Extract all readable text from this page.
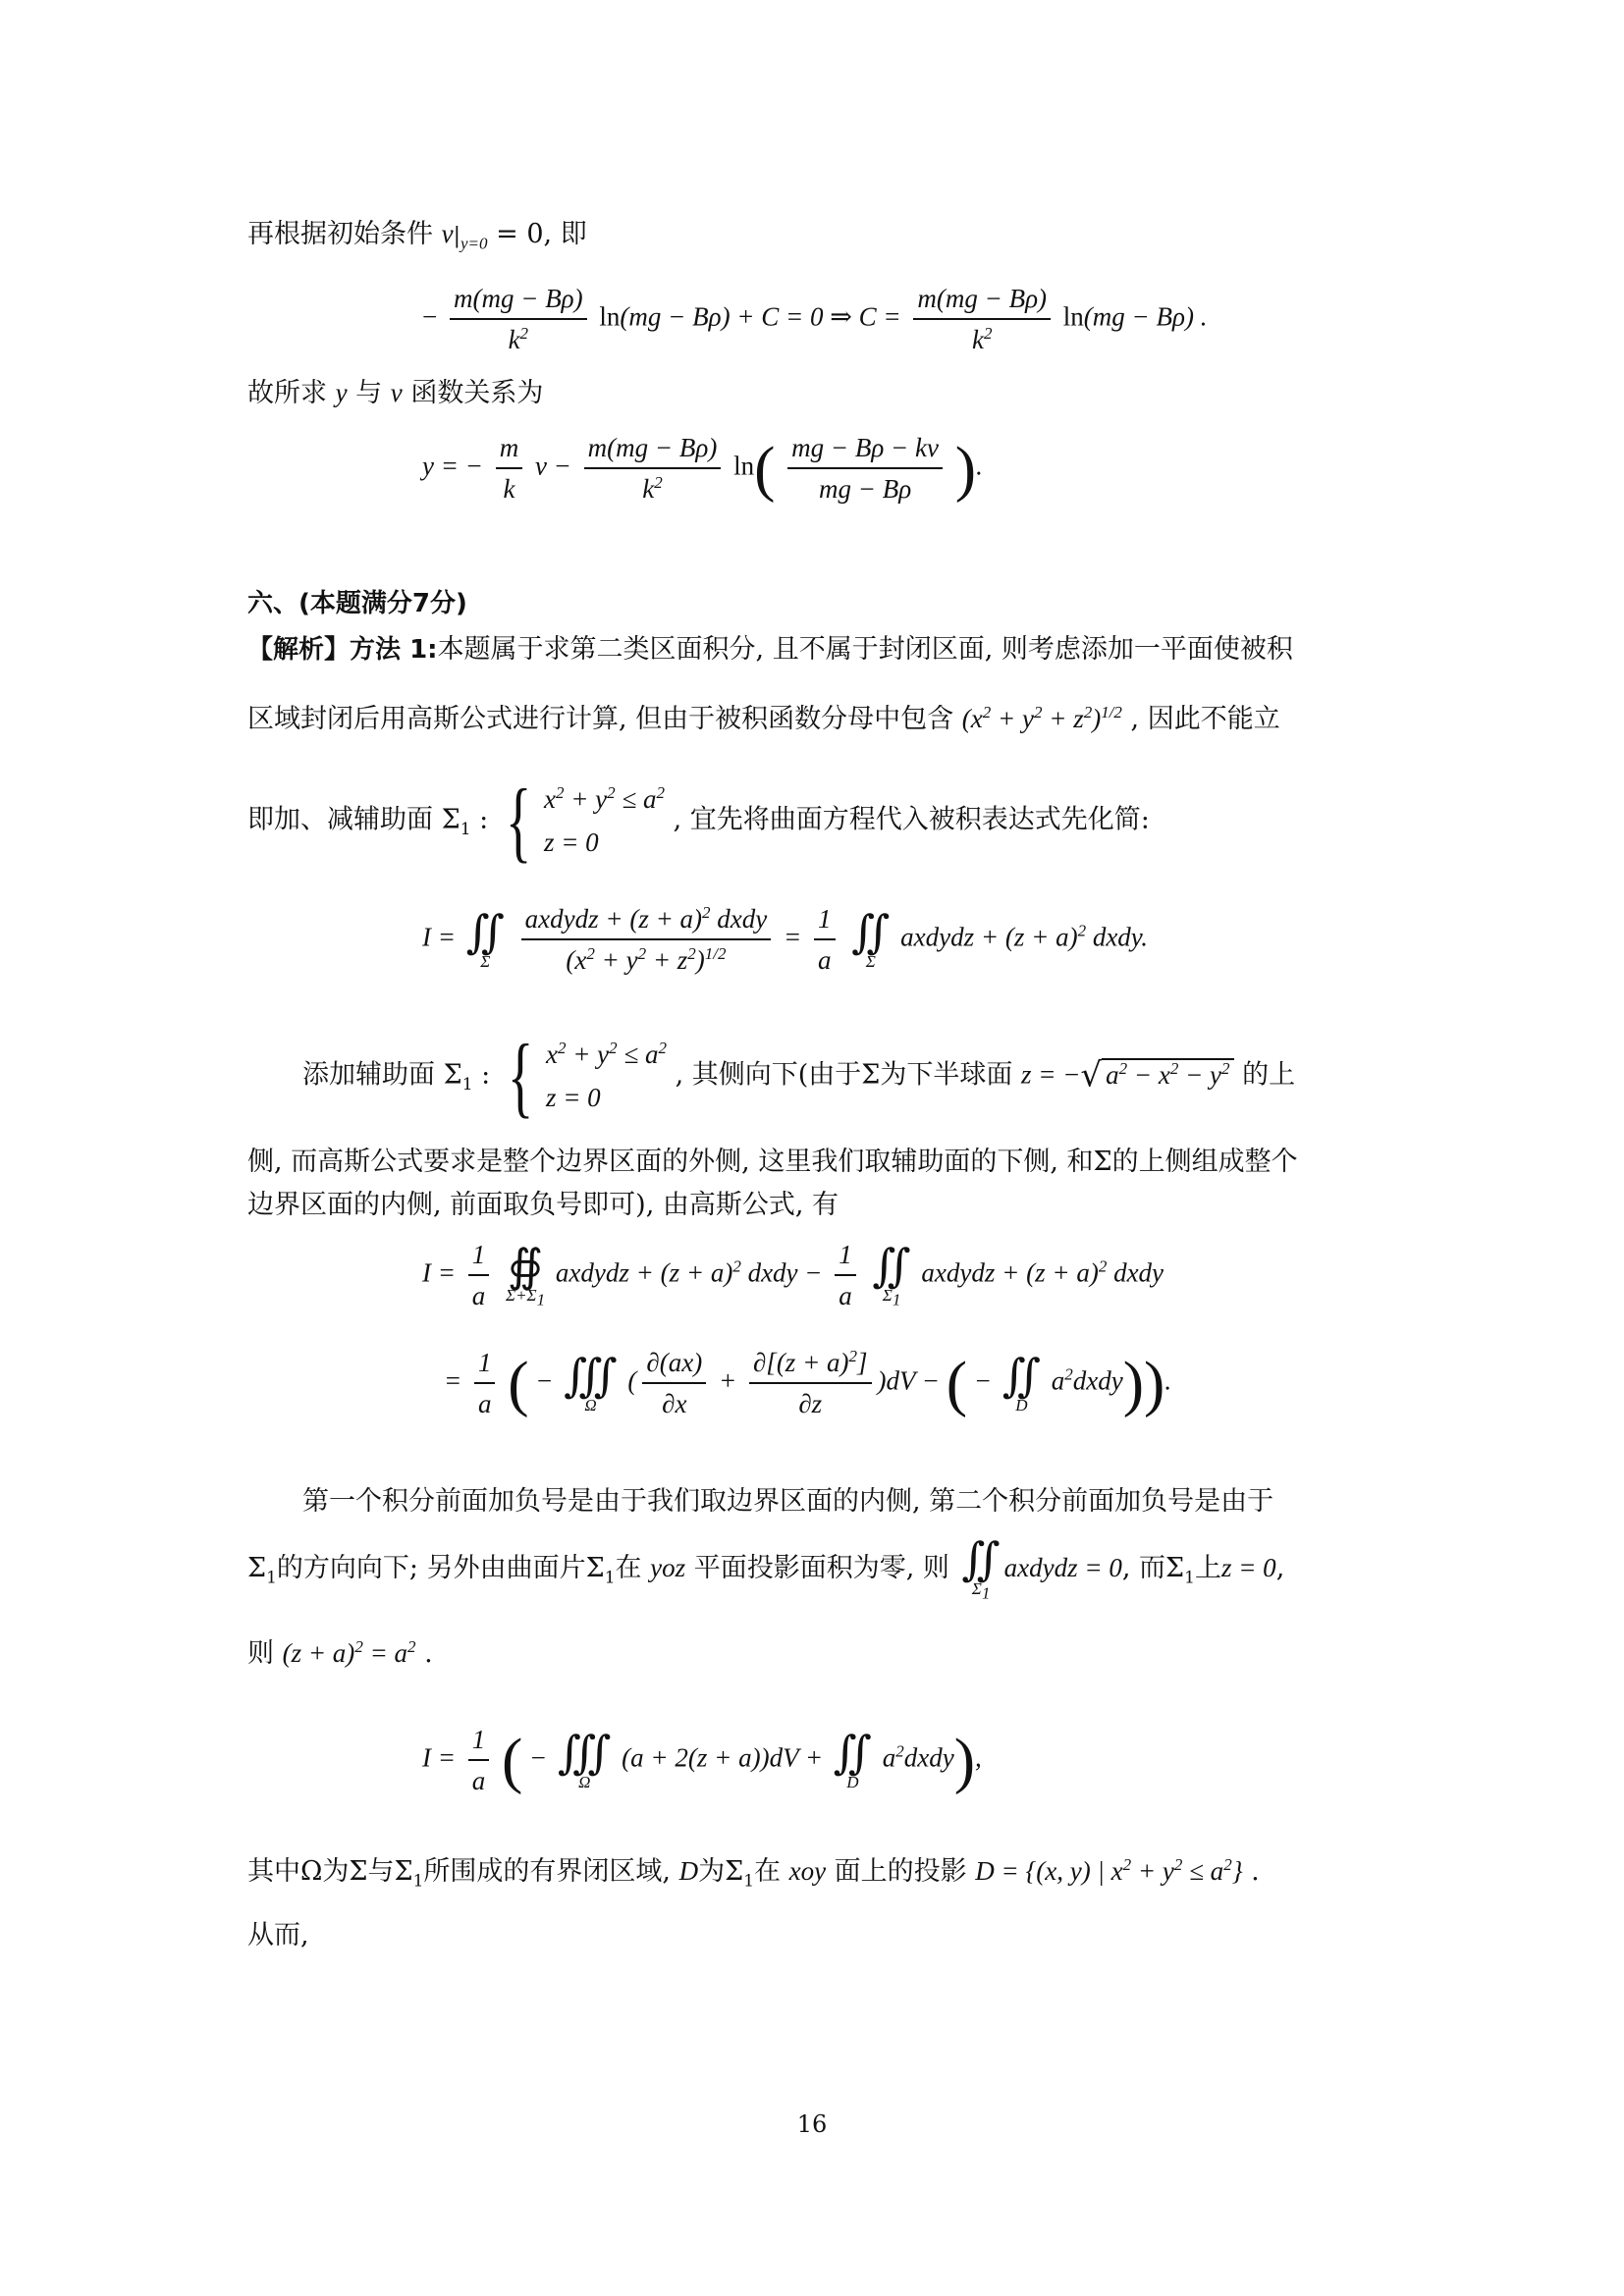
再根据初始条件 $v|_{y=0} = 0$, 即
− $\frac{m(mg - B\rho)}{k^2} \ln(mg - B\rho) + C = 0$ ⇒ $C = \frac{m(mg - B\rho)}{k^2} \ln(mg - B\rho)$ .
故所求 y 与 v 函数关系为
y = − $\frac{m}{k}$ $v - \frac{m(mg - B\rho)}{k^2} \ln( \frac{mg - B\rho - kv}{mg - B\rho}$ ).
六、(本题满分7分)
【解析】方法 1:本题属于求第二类区面积分, 且不属于封闭区面, 则考虑添加一平面使被积
区域封闭后用高斯公式进行计算, 但由于被积函数分母中包含 $(x^2 + y^2 + z^2)^{1/2}$ , 因此不能立
即加、减辅助面 $\Sigma_1$ : { $x^2 + y^2 \le a^2$
z = 0
, 宜先将曲面方程代入被积表达式先化简:
I = ∬
Σ
$\frac{axdydz + (z + a)^2 dxdy}{(x^2 + y^2 + z^2)^{1/2}} = \frac{1}{a}$
∬
Σ
axdydz + $(z + a)^2$ dxdy.
添加辅助面 $\Sigma_1$ : { $x^2 + y^2 \le a^2$
z = 0
, 其侧向下(由于Σ为下半球面 z = −√ $a^2 - x^2 - y^2$ 的上
侧, 而高斯公式要求是整个边界区面的外侧, 这里我们取辅助面的下侧, 和Σ的上侧组成整个
边界区面的内侧, 前面取负号即可), 由高斯公式, 有
$I = \frac{1}{a}$
∯
$\Sigma+\Sigma_1$
axdydz + $(z + a)^2$ dxdy − $\frac{1}{a}$
∬
$\Sigma_1$
axdydz + $(z + a)^2$ dxdy
= $\frac{1}{a}$ ( − ∭
Ω
( $\frac{\partial(ax)}{\partial x} + \frac{\partial[(z + a)^2]}{\partial z} )dV$ − ( − ∬
D
$a^2dxdy$)).
第一个积分前面加负号是由于我们取边界区面的内侧, 第二个积分前面加负号是由于
$\Sigma_1$的方向向下; 另外由曲面片$\Sigma_1$在 yoz 平面投影面积为零, 则 ∬
$\Sigma_1$
axdydz = 0, 而$\Sigma_1$上z = 0,
则 $(z + a)^2 = a^2$ .
$I = \frac{1}{a}$ ( − ∭
Ω
(a + 2(z + a))dV + ∬
D
$a^2dxdy$),
其中Ω为Σ与$\Sigma_1$所围成的有界闭区域, D为$\Sigma_1$在 xoy 面上的投影 D = {(x, y) | $x^2 + y^2 \le a^2$} .
从而,
16
